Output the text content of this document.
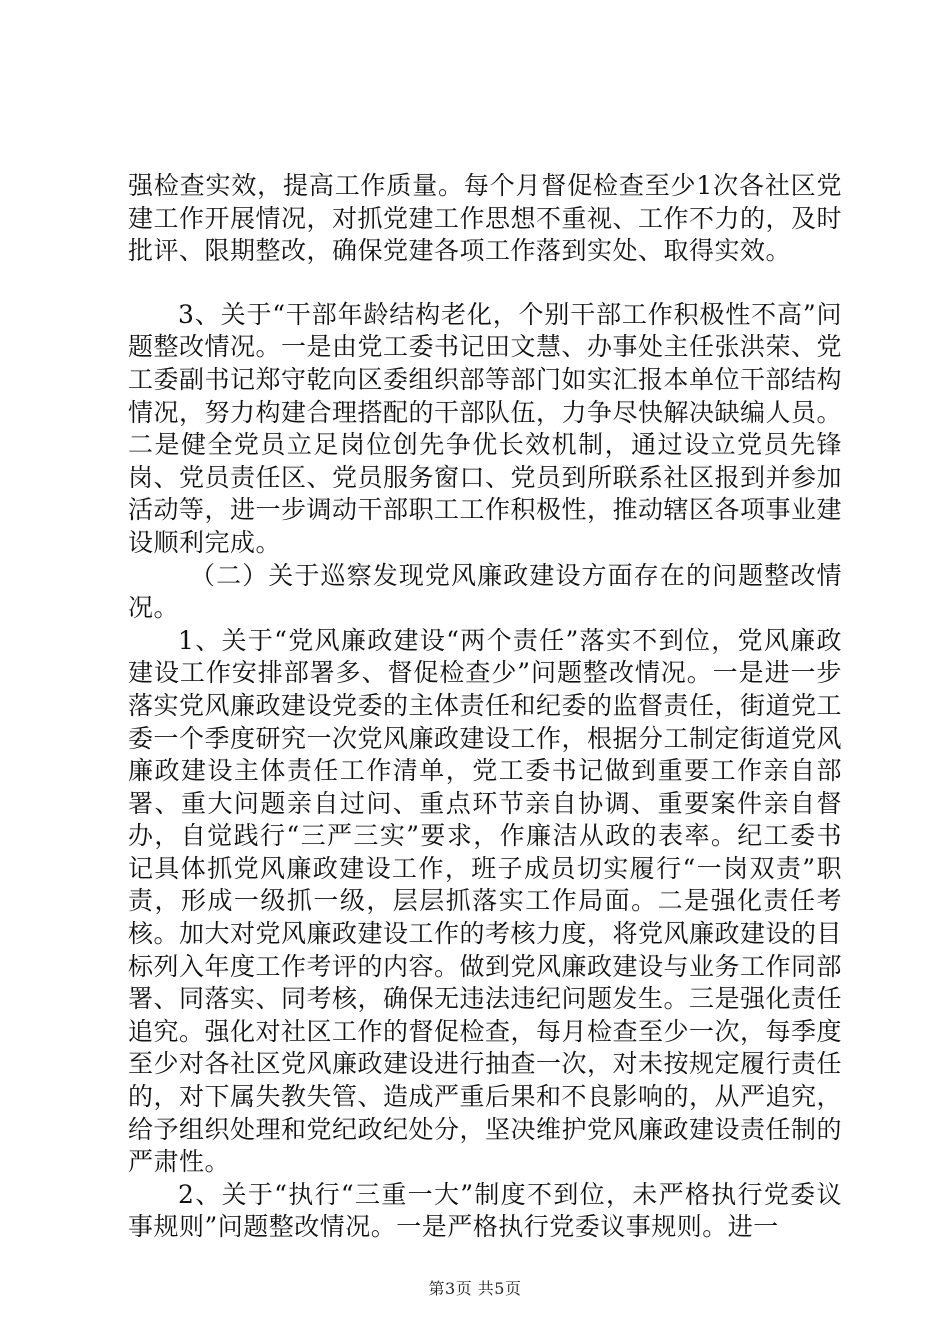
强检查实效，提高工作质量。每个月督促检查至少1次各社区党建工作开展情况，对抓党建工作思想不重视、工作不力的，及时批评、限期整改，确保党建各项工作落到实处、取得实效。

3、关于“干部年龄结构老化，个别干部工作积极性不高”问题整改情况。一是由党工委书记田文慧、办事处主任张洪荣、党工委副书记郑守乾向区委组织部等部门如实汇报本单位干部结构情况，努力构建合理搭配的干部队伍，力争尽快解决缺编人员。二是健全党员立足岗位创先争优长效机制，通过设立党员先锋岗、党员责任区、党员服务窗口、党员到所联系社区报到并参加活动等，进一步调动干部职工工作积极性，推动辖区各项事业建设顺利完成。

（二）关于巡察发现党风廉政建设方面存在的问题整改情况。

1、关于“党风廉政建设“两个责任”落实不到位，党风廉政建设工作安排部署多、督促检查少”问题整改情况。一是进一步落实党风廉政建设党委的主体责任和纪委的监督责任，街道党工委一个季度研究一次党风廉政建设工作，根据分工制定街道党风廉政建设主体责任工作清单，党工委书记做到重要工作亲自部署、重大问题亲自过问、重点环节亲自协调、重要案件亲自督办，自觉践行“三严三实”要求，作廉洁从政的表率。纪工委书记具体抓党风廉政建设工作，班子成员切实履行“一岗双责”职责，形成一级抓一级，层层抓落实工作局面。二是强化责任考核。加大对党风廉政建设工作的考核力度，将党风廉政建设的目标列入年度工作考评的内容。做到党风廉政建设与业务工作同部署、同落实、同考核，确保无违法违纪问题发生。三是强化责任追究。强化对社区工作的督促检查，每月检查至少一次，每季度至少对各社区党风廉政建设进行抽查一次，对未按规定履行责任的，对下属失教失管、造成严重后果和不良影响的，从严追究，给予组织处理和党纪政纪处分，坚决维护党风廉政建设责任制的严肃性。

2、关于“执行“三重一大”制度不到位，未严格执行党委议事规则”问题整改情况。一是严格执行党委议事规则。进一

第3页 共5页
